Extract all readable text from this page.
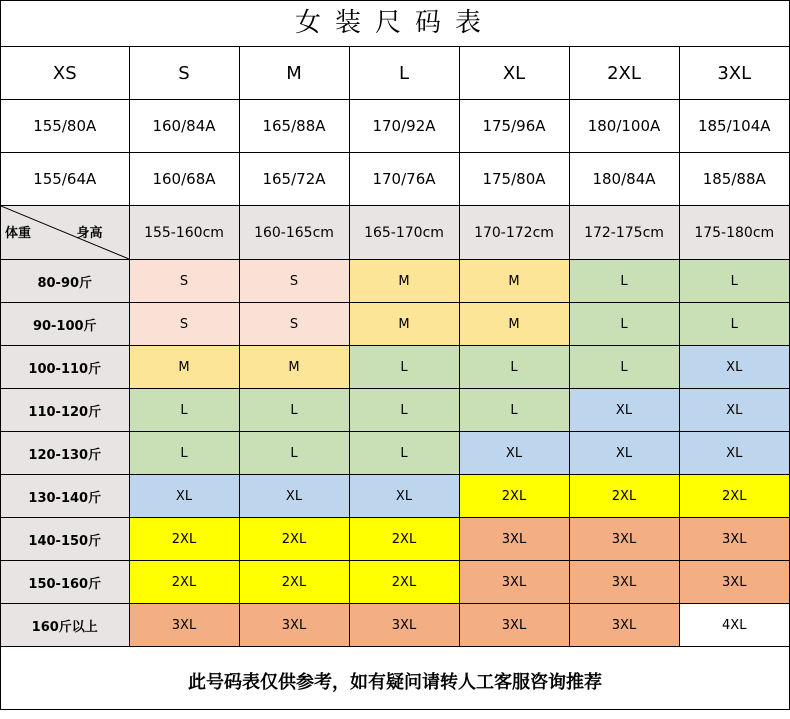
女装尺码表
XS	S	M	L	XL	2XL	3XL
155/80A	160/84A	165/88A	170/92A	175/96A	180/100A	185/104A
155/64A	160/68A	165/72A	170/76A	175/80A	180/84A	185/88A

体重 身高	155-160cm	160-165cm	165-170cm	170-172cm	172-175cm	175-180cm
80-90斤	S	S	M	M	L	L
90-100斤	S	S	M	M	L	L
100-110斤	M	M	L	L	L	XL
110-120斤	L	L	L	L	XL	XL
120-130斤	L	L	L	XL	XL	XL
130-140斤	XL	XL	XL	2XL	2XL	2XL
140-150斤	2XL	2XL	2XL	3XL	3XL	3XL
150-160斤	2XL	2XL	2XL	3XL	3XL	3XL
160斤以上	3XL	3XL	3XL	3XL	3XL	4XL
此号码表仅供参考，如有疑问请转人工客服咨询推荐
